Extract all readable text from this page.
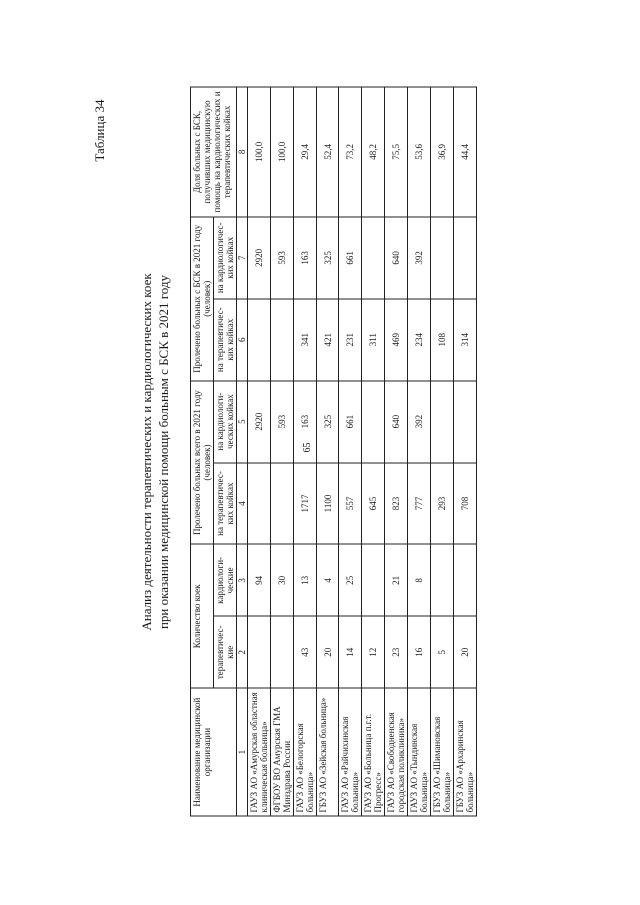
65
Таблица 34
Анализ деятельности терапевтических и кардиологических коек при оказании медицинской помощи больным с БСК в 2021 году
Наименование медицинской организации	Количество коек		Пролечено больных всего в 2021 году (человек)		Пролечено больных с БСК в 2021 году (человек)		Доля больных с БСК, получивших медицинскую помощь на кардиологических и терапевтических койках
	терапевтичес-кие	кардиологи-ческие	на терапевтичес-ких койках	на кардиологи-ческих койках	на терапевтичес-ких койках	на кардиологичес-ких койках	
1	2	3	4	5	6	7	8
ГАУЗ АО «Амурская областная клиническая больница»		94		2920		2920	100,0
ФГБОУ ВО Амурская ГМА Минздрава России		30		593		593	100,0
ГАУЗ АО «Белогорская больница»	43	13	1717	163	341	163	29,4
ГБУЗ АО «Зейская больница»	20	4	1100	325	421	325	52,4
ГАУЗ АО «Райчихинская больница»	14	25	557	661	231	661	73,2
ГАУЗ АО «Больница п.г.т. Прогресс»	12		645		311		48,2
ГАУЗ АО «Свободненская городская поликлиника»	23	21	823	640	469	640	75,5
ГАУЗ АО «Тындинская больница»	16	8	777	392	234	392	53,6
ГБУЗ АО «Шимановская больница»	5		293		108		36,9
ГБУЗ АО «Архаринская больница»	20		708		314		44,4
